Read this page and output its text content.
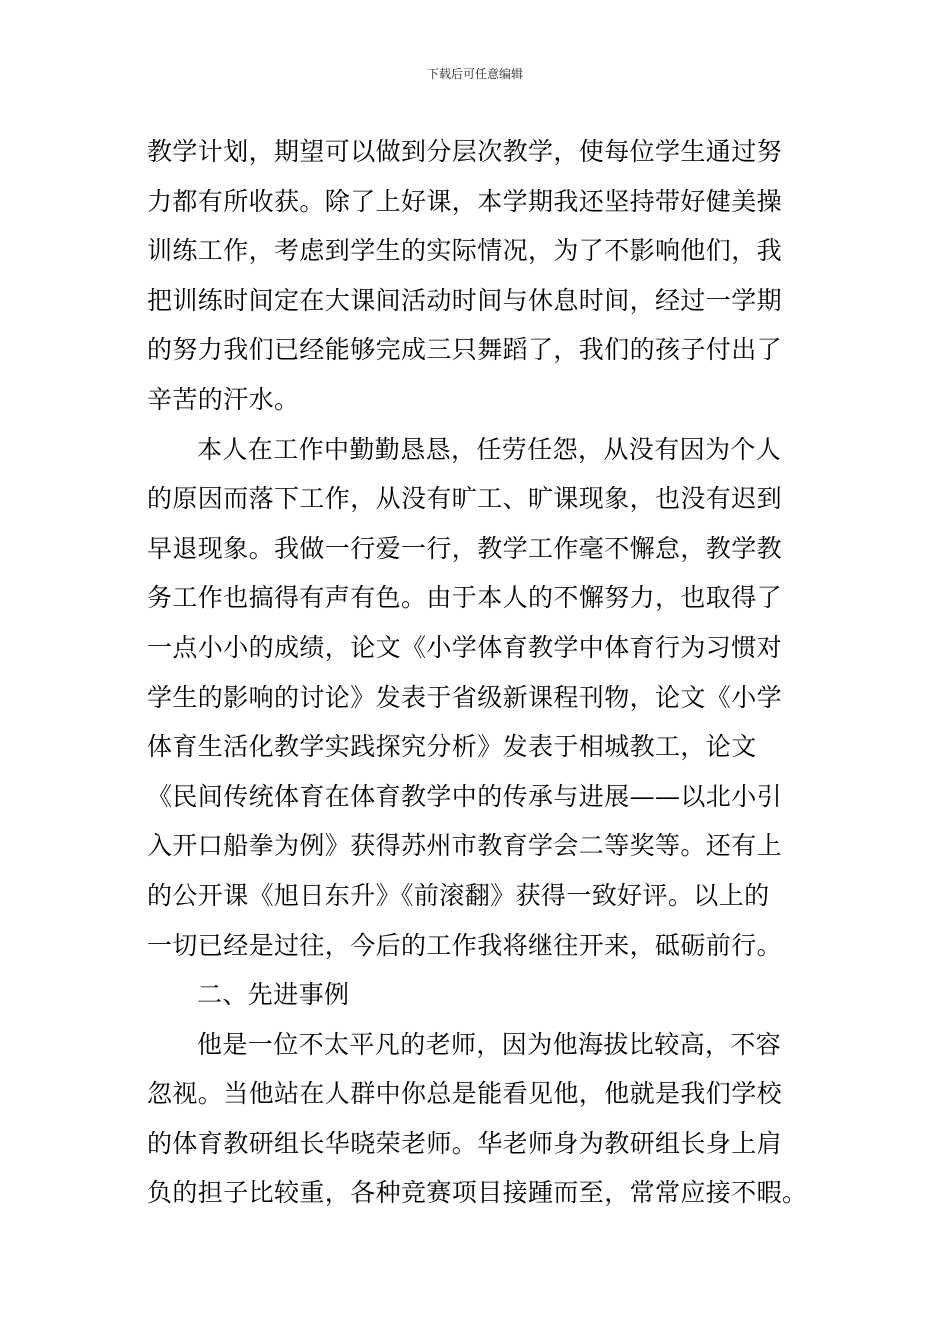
下载后可任意编辑
教学计划，期望可以做到分层次教学，使每位学生通过努
力都有所收获。除了上好课，本学期我还坚持带好健美操
训练工作，考虑到学生的实际情况，为了不影响他们，我
把训练时间定在大课间活动时间与休息时间，经过一学期
的努力我们已经能够完成三只舞蹈了，我们的孩子付出了
辛苦的汗水。
本人在工作中勤勤恳恳，任劳任怨，从没有因为个人
的原因而落下工作，从没有旷工、旷课现象，也没有迟到
早退现象。我做一行爱一行，教学工作毫不懈怠，教学教
务工作也搞得有声有色。由于本人的不懈努力，也取得了
一点小小的成绩，论文《小学体育教学中体育行为习惯对
学生的影响的讨论》发表于省级新课程刊物，论文《小学
体育生活化教学实践探究分析》发表于相城教工，论文
《民间传统体育在体育教学中的传承与进展——以北小引
入开口船拳为例》获得苏州市教育学会二等奖等。还有上
的公开课《旭日东升》《前滚翻》获得一致好评。以上的
一切已经是过往，今后的工作我将继往开来，砥砺前行。
二、先进事例
他是一位不太平凡的老师，因为他海拔比较高，不容
忽视。当他站在人群中你总是能看见他，他就是我们学校
的体育教研组长华晓荣老师。华老师身为教研组长身上肩
负的担子比较重，各种竞赛项目接踵而至，常常应接不暇。
